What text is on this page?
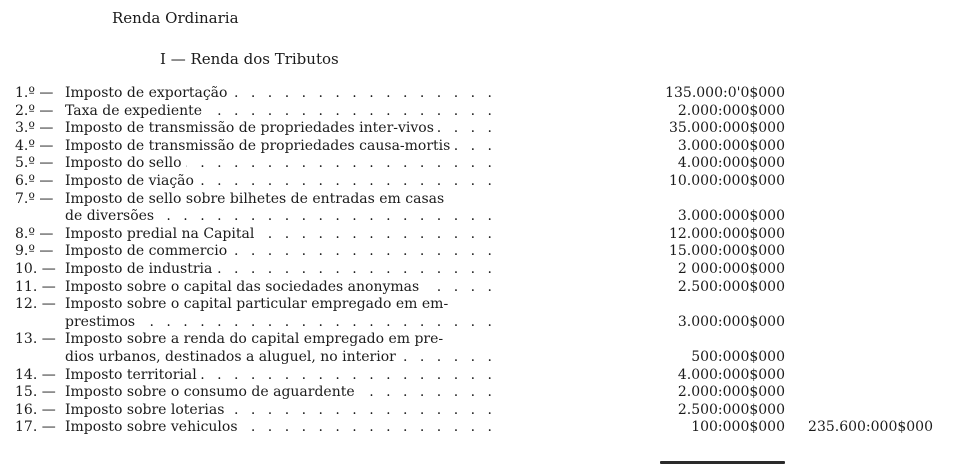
Renda Ordinaria
I — Renda dos Tributos
1.º — Imposto de exportação . . .	135.000:0'0$000
2.º — Taxa de expediente . . .	2.000:000$000
3.º — Imposto de transmissão de propriedades inter-vivos . . .	35.000:000$000
4.º — Imposto de transmissão de propriedades causa-mortis . . .	3.000:000$000
5.º — Imposto do sello . . .	4.000:000$000
6.º — Imposto de viação . . .	10.000:000$000
7.º — Imposto de sello sobre bilhetes de entradas em casas
de diversões . . .	3.000:000$000
8.º — Imposto predial na Capital . . .	12.000:000$000
9.º — Imposto de commercio . . .	15.000:000$000
10. — Imposto de industria . . .	2 000:000$000
11. — Imposto sobre o capital das sociedades anonymas . . .	2.500:000$000
12. — Imposto sobre o capital particular empregado em em-
prestimos . . .	3.000:000$000
13. — Imposto sobre a renda do capital empregado em pre-
dios urbanos, destinados a aluguel, no interior . . .	500:000$000
14. — Imposto territorial . . .	4.000:000$000
15. — Imposto sobre o consumo de aguardente . . .	2.000:000$000
16. — Imposto sobre loterias . . .	2.500:000$000
17. — Imposto sobre vehiculos . . .	100:000$000 235.600:000$000
